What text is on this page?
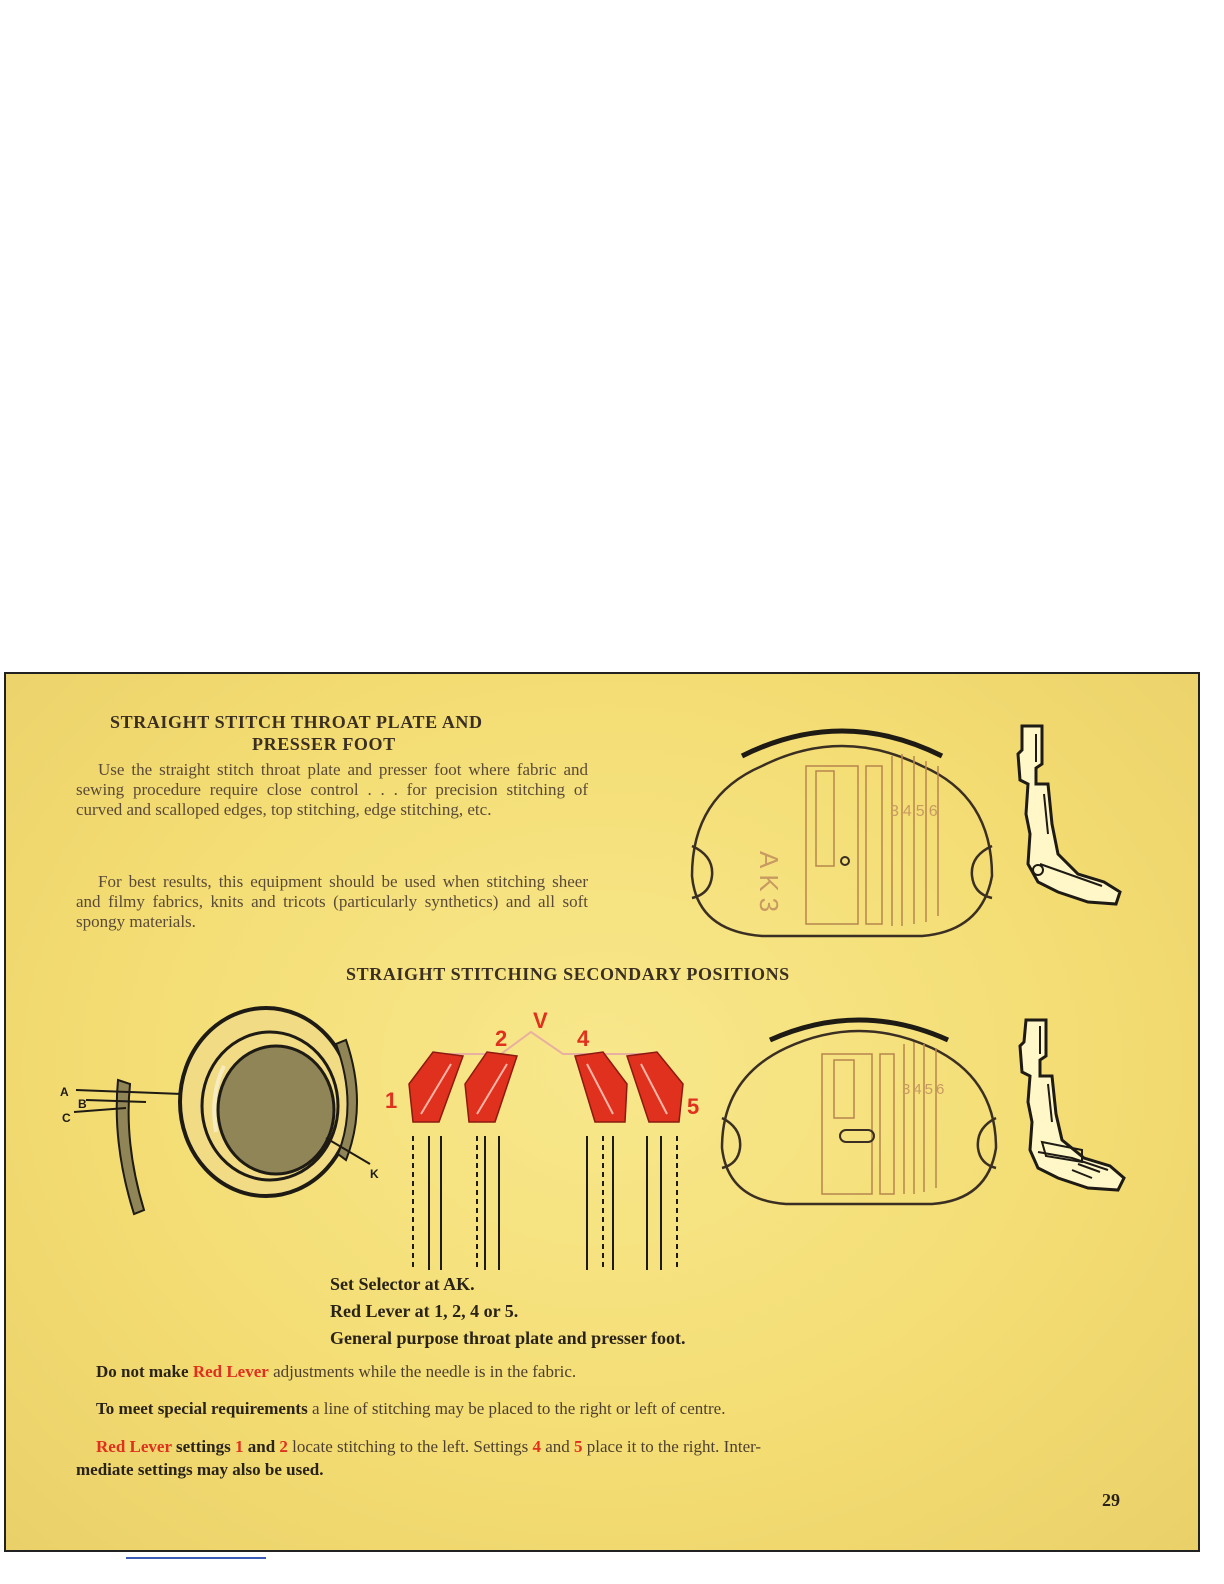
STRAIGHT STITCH THROAT PLATE AND
PRESSER FOOT

Use the straight stitch throat plate and presser foot where fabric and sewing procedure require close control . . . for precision stitching of curved and scalloped edges, top stitching, edge stitching, etc.

For best results, this equipment should be used when stitching sheer and filmy fabrics, knits and tricots (particularly synthetics) and all soft spongy materials.

STRAIGHT STITCHING SECONDARY POSITIONS
3456
AK3
A
B
C
K
V
2	4
1	5
3456

Set Selector at AK.

Red Lever at 1, 2, 4 or 5.

General purpose throat plate and presser foot.

Do not make Red Lever adjustments while the needle is in the fabric.

To meet special requirements a line of stitching may be placed to the right or left of centre.

Red Lever settings 1 and 2 locate stitching to the left. Settings 4 and 5 place it to the right. Inter-

mediate settings may also be used.

29
